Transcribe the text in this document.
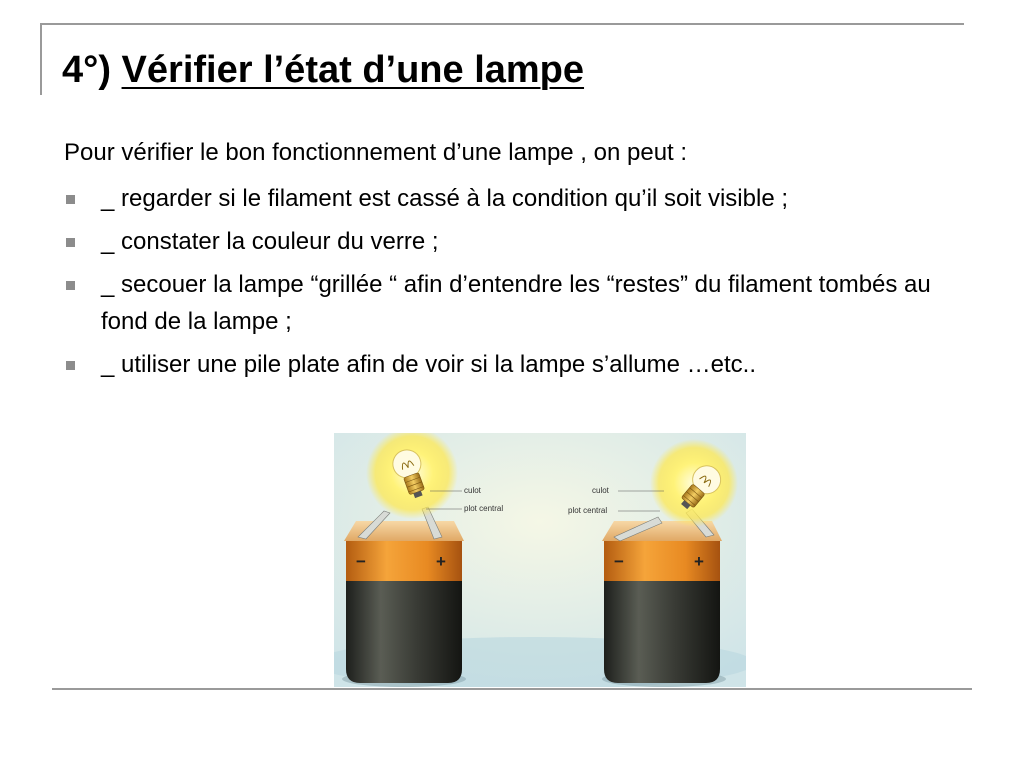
4°) Vérifier l’état d’une lampe

Pour vérifier le bon fonctionnement d’une lampe , on peut :

_ regarder si le filament est cassé à la condition qu’il soit visible ;
_ constater la couleur du verre ;
_ secouer la lampe “grillée “ afin d’entendre les “restes” du filament tombés au fond de la lampe ;
_ utiliser une pile plate afin de voir si la lampe s’allume …etc..
−	+
culot
plot central
−	+
culot
plot central
